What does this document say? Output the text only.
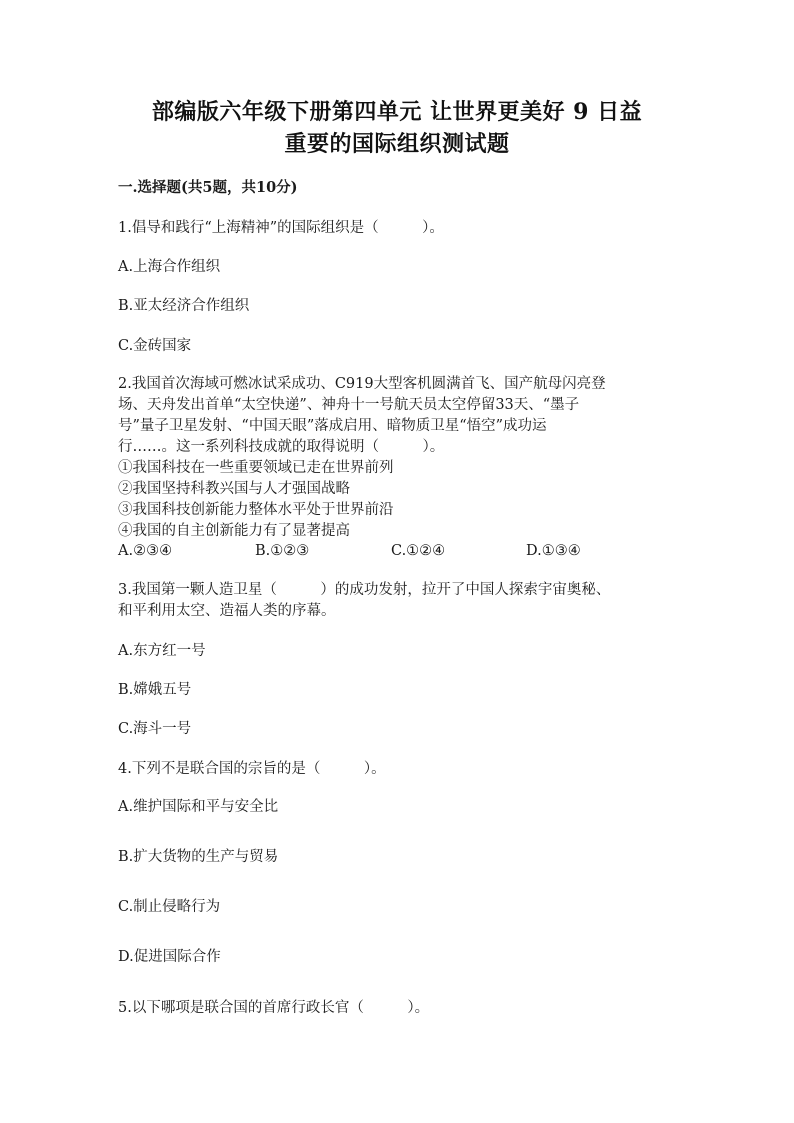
部编版六年级下册第四单元 让世界更美好 9 日益
重要的国际组织测试题
一.选择题(共5题，共10分)
1.倡导和践行“上海精神”的国际组织是（　　　）。
A.上海合作组织
B.亚太经济合作组织
C.金砖国家
2.我国首次海域可燃冰试采成功、C919大型客机圆满首飞、国产航母闪亮登
场、天舟发出首单“太空快递”、神舟十一号航天员太空停留33天、“墨子
号”量子卫星发射、“中国天眼”落成启用、暗物质卫星“悟空”成功运
行……。这一系列科技成就的取得说明（　　　）。
①我国科技在一些重要领域已走在世界前列
②我国坚持科教兴国与人才强国战略
③我国科技创新能力整体水平处于世界前沿
④我国的自主创新能力有了显著提高
A.②③④	B.①②③	C.①②④	D.①③④
3.我国第一颗人造卫星（　　　）的成功发射，拉开了中国人探索宇宙奥秘、
和平利用太空、造福人类的序幕。
A.东方红一号
B.嫦娥五号
C.海斗一号
4.下列不是联合国的宗旨的是（　　　）。
A.维护国际和平与安全比
B.扩大货物的生产与贸易
C.制止侵略行为
D.促进国际合作
5.以下哪项是联合国的首席行政长官（　　　）。
